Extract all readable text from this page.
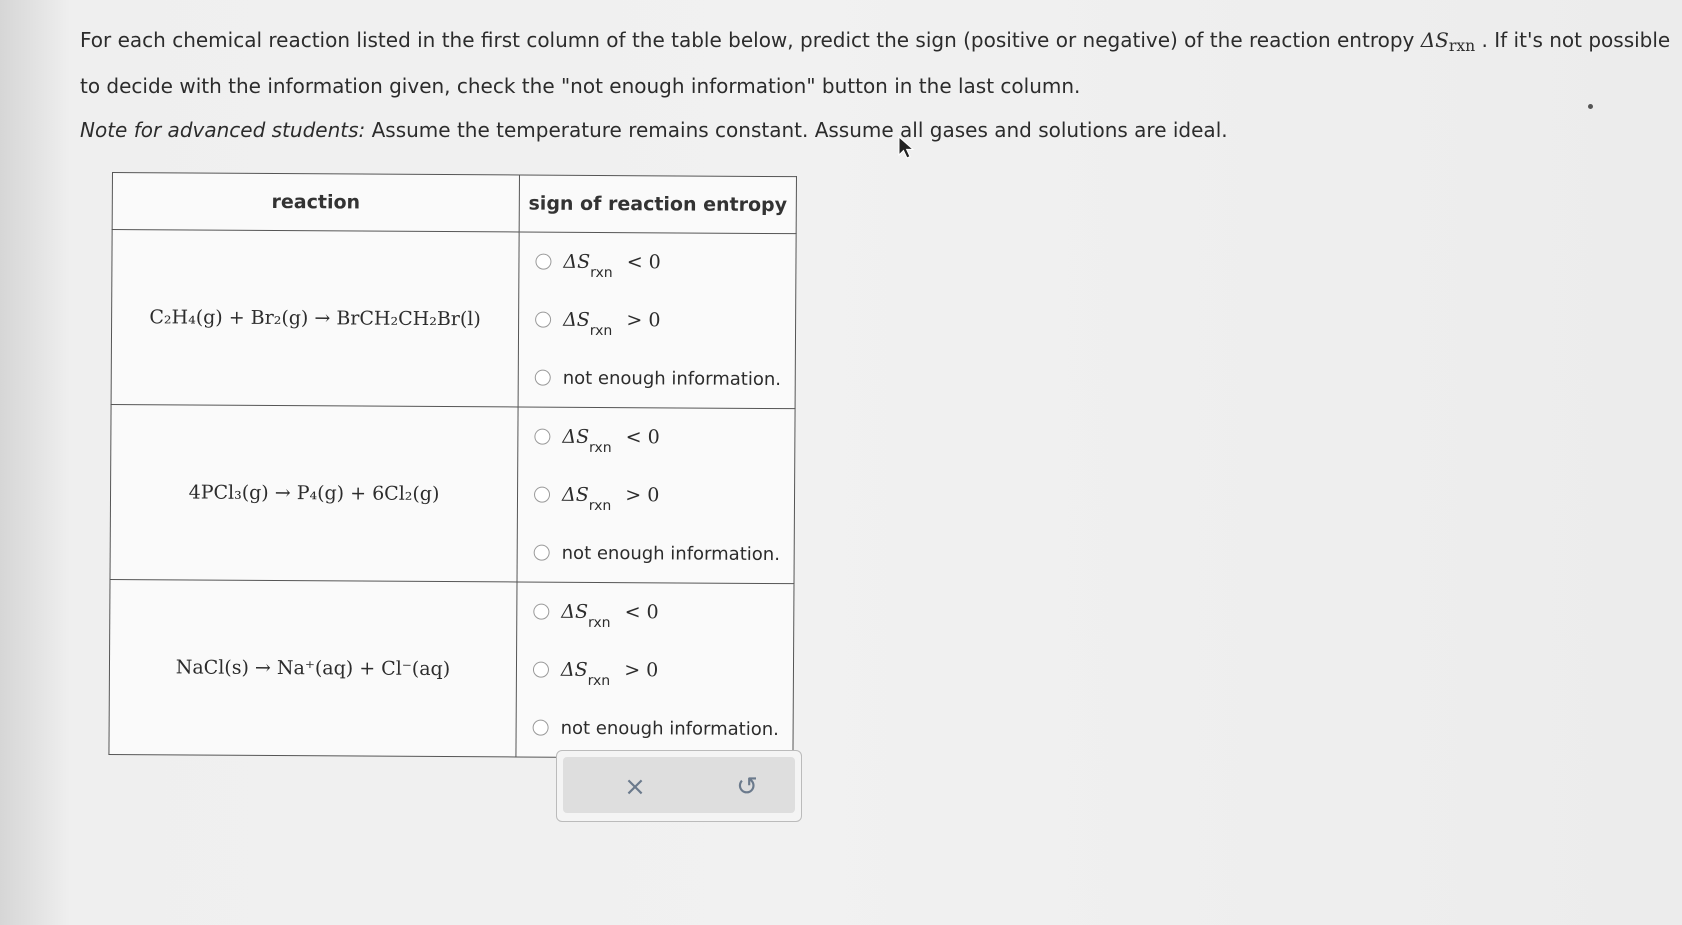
For each chemical reaction listed in the first column of the table below, predict the sign (positive or negative) of the reaction entropy $\Delta S_{rxn}$ . If it's not possible

to decide with the information given, check the "not enough information" button in the last column.

Note for advanced students: Assume the temperature remains constant. Assume all gases and solutions are ideal.

reaction	sign of reaction entropy
C₂H₄(g) + Br₂(g) → BrCH₂CH₂Br(l)	$\Delta S_{rxn} < 0$
$\Delta S_{rxn} > 0$
not enough information.

4PCl₃(g) → P₄(g) + 6Cl₂(g)	$\Delta S_{rxn} < 0$
$\Delta S_{rxn} > 0$
not enough information.

NaCl(s) → Na⁺(aq) + Cl⁻(aq)	$\Delta S_{rxn} < 0$
$\Delta S_{rxn} > 0$
not enough information.
×	↺
